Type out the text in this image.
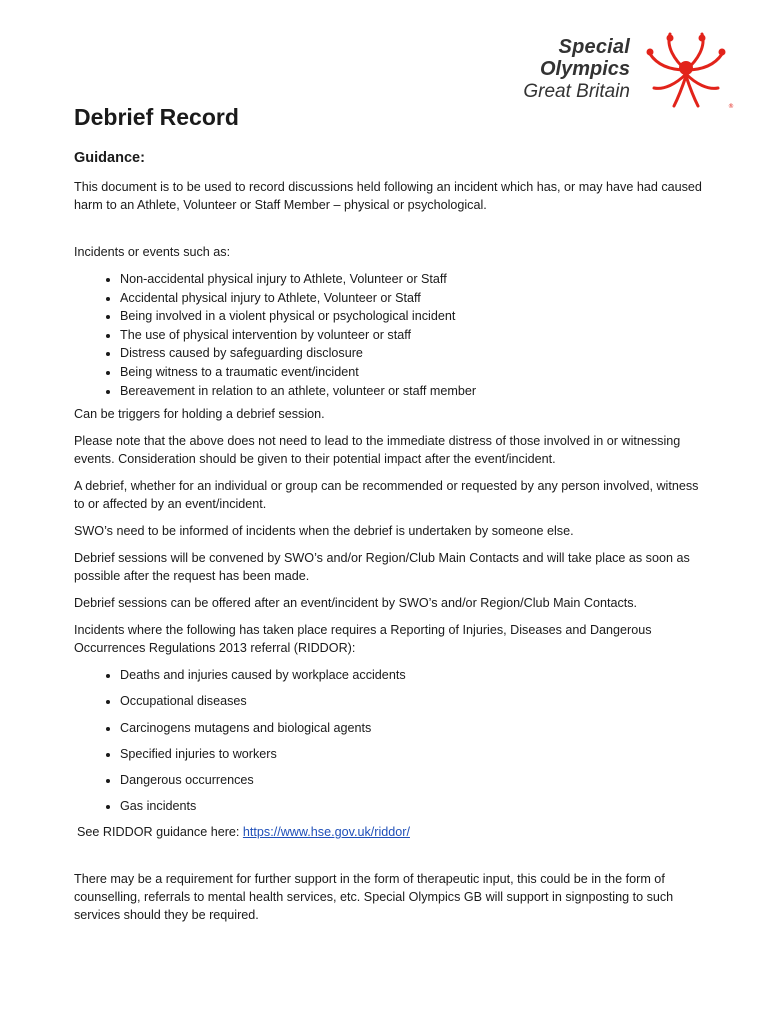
Special
Olympics
Great Britain
®
Debrief Record
Guidance:

This document is to be used to record discussions held following an incident which has, or may have had caused harm to an Athlete, Volunteer or Staff Member – physical or psychological.

Incidents or events such as:

• Non-accidental physical injury to Athlete, Volunteer or Staff
• Accidental physical injury to Athlete, Volunteer or Staff
• Being involved in a violent physical or psychological incident
• The use of physical intervention by volunteer or staff
• Distress caused by safeguarding disclosure
• Being witness to a traumatic event/incident
• Bereavement in relation to an athlete, volunteer or staff member

Can be triggers for holding a debrief session.

Please note that the above does not need to lead to the immediate distress of those involved in or witnessing events. Consideration should be given to their potential impact after the event/incident.

A debrief, whether for an individual or group can be recommended or requested by any person involved, witness to or affected by an event/incident.

SWO’s need to be informed of incidents when the debrief is undertaken by someone else.

Debrief sessions will be convened by SWO’s and/or Region/Club Main Contacts and will take place as soon as possible after the request has been made.

Debrief sessions can be offered after an event/incident by SWO’s and/or Region/Club Main Contacts.

Incidents where the following has taken place requires a Reporting of Injuries, Diseases and Dangerous Occurrences Regulations 2013 referral (RIDDOR):

• Deaths and injuries caused by workplace accidents
• Occupational diseases
• Carcinogens mutagens and biological agents
• Specified injuries to workers
• Dangerous occurrences
• Gas incidents

See RIDDOR guidance here: https://www.hse.gov.uk/riddor/

There may be a requirement for further support in the form of therapeutic input, this could be in the form of counselling, referrals to mental health services, etc. Special Olympics GB will support in signposting to such services should they be required.
